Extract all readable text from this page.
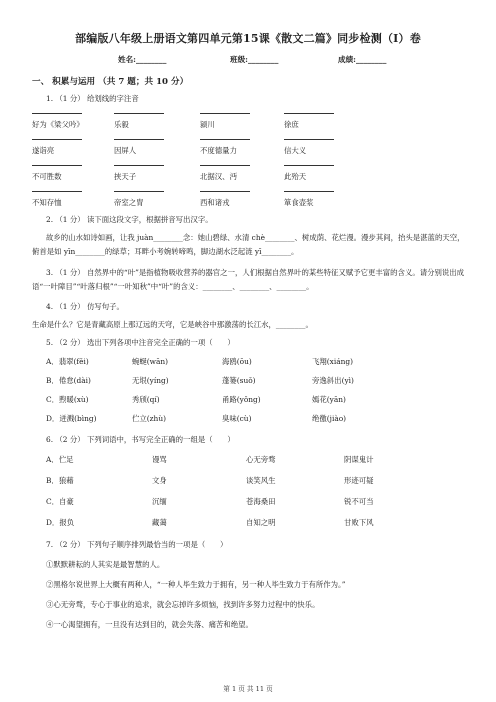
部编版八年级上册语文第四单元第15课《散文二篇》同步检测（I）卷
姓名:________	班级:________	成绩:________
一、 积累与运用 （共 7 题；共 10 分）
1. （1 分） 给划线的字注音
好为《梁父吟》	乐毅	颍川	徐庶
遂诣亮	因屏人	不度德量力	信大义
不可胜数	挟天子	北据汉、沔	此殆天
不知存恤	帝室之胄	西和诸戎	箪食壶浆
2. （1 分） 读下面这段文字，根据拼音写出汉字。
故乡的山水如诗如画，让我 juàn________念：她山碧绿、水清 chè________、树成荫、花烂漫。漫步其间，抬头是湛蓝的天空，俯首是如 yīn________的绿草；耳畔小考婉转啼鸣，脚边湖水泛起涟 yī________。
3. （1 分） 自然界中的“叶”是指植物吸收营养的器官之一，人们根据自然界叶的某些特征又赋予它更丰富的含义。请分别说出成语“一叶障目”“叶落归根”“一叶知秋”中“叶”的含义：________、________、________。
4. （1 分） 仿写句子。
生命是什么？它是青藏高原上那辽远的天穹，它是峡谷中那激荡的长江水，________。
5. （2 分） 选出下列各项中注音完全正确的一项（　　）
A．翡翠(fěi)	蜿蜒(wān)	海鸥(ōu)	飞翔(xiáng)
B．倦怠(dài)	无垠(yíng)	蓬篓(suǒ)	旁逸斜出(yì)
C．煦暖(xù)	秀颀(qí)	甬路(yǒng)	嫣花(yān)
D．迸溅(bìng)	伫立(zhù)	臭味(cù)	绝徼(jiào)
6. （2 分） 下列词语中，书写完全正确的一组是（　　）
A．伫足	谩骂	心无旁骛	阴谋鬼计
B．狼藉	文身	谈笑风生	形迹可疑
C．自豪	沉缅	苍海桑田	锐不可当
D．报负	藏蔼	自知之明	甘败下风
7. （2 分） 下列句子顺序排列最恰当的一项是（　　）
①默默耕耘的人其实是最智慧的人。
②黑格尔说世界上大概有两种人，“一种人毕生致力于拥有，另一种人毕生致力于有所作为。”
③心无旁骛，专心于事业的追求，就会忘掉许多烦恼，找到许多努力过程中的快乐。
④一心渴望拥有，一旦没有达到目的，就会失落、痛苦和绝望。
第 1 页 共 11 页
